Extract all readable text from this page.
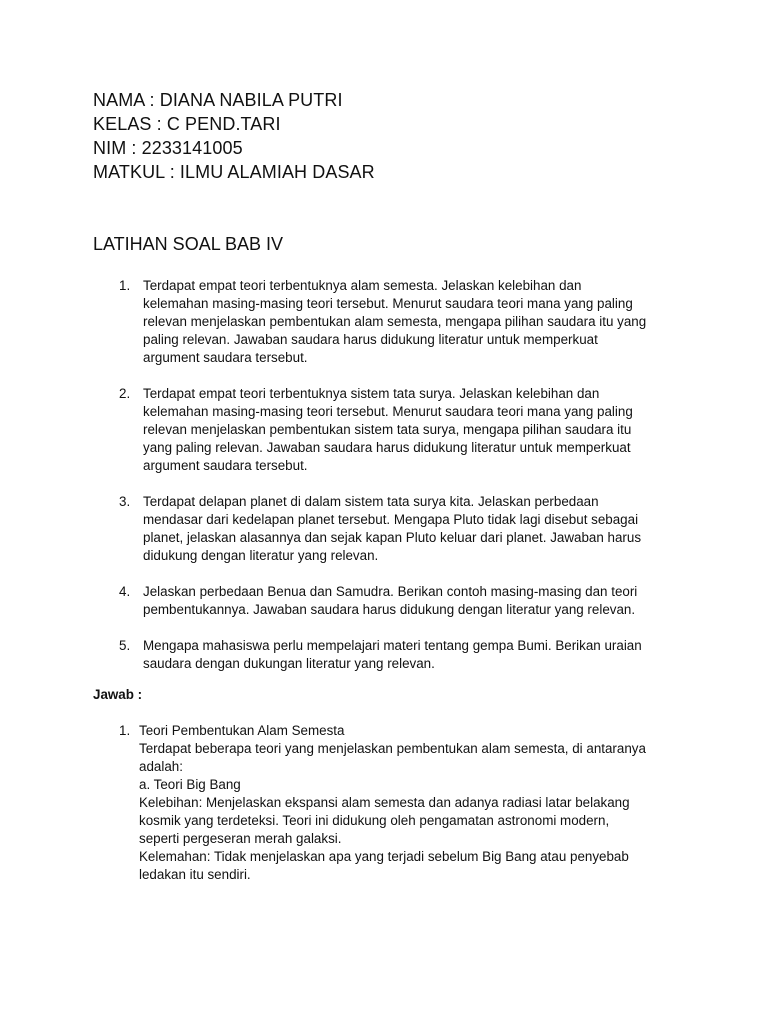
NAMA : DIANA NABILA PUTRI
KELAS : C PEND.TARI
NIM : 2233141005
MATKUL : ILMU ALAMIAH DASAR
LATIHAN SOAL BAB IV
1. Terdapat empat teori terbentuknya alam semesta. Jelaskan kelebihan dan
kelemahan masing-masing teori tersebut. Menurut saudara teori mana yang paling
relevan menjelaskan pembentukan alam semesta, mengapa pilihan saudara itu yang
paling relevan. Jawaban saudara harus didukung literatur untuk memperkuat
argument saudara tersebut.
2. Terdapat empat teori terbentuknya sistem tata surya. Jelaskan kelebihan dan
kelemahan masing-masing teori tersebut. Menurut saudara teori mana yang paling
relevan menjelaskan pembentukan sistem tata surya, mengapa pilihan saudara itu
yang paling relevan. Jawaban saudara harus didukung literatur untuk memperkuat
argument saudara tersebut.
3. Terdapat delapan planet di dalam sistem tata surya kita. Jelaskan perbedaan
mendasar dari kedelapan planet tersebut. Mengapa Pluto tidak lagi disebut sebagai
planet, jelaskan alasannya dan sejak kapan Pluto keluar dari planet. Jawaban harus
didukung dengan literatur yang relevan.
4. Jelaskan perbedaan Benua dan Samudra. Berikan contoh masing-masing dan teori
pembentukannya. Jawaban saudara harus didukung dengan literatur yang relevan.
5. Mengapa mahasiswa perlu mempelajari materi tentang gempa Bumi. Berikan uraian
saudara dengan dukungan literatur yang relevan.
Jawab :
1. Teori Pembentukan Alam Semesta
Terdapat beberapa teori yang menjelaskan pembentukan alam semesta, di antaranya
adalah:
a. Teori Big Bang
Kelebihan: Menjelaskan ekspansi alam semesta dan adanya radiasi latar belakang
kosmik yang terdeteksi. Teori ini didukung oleh pengamatan astronomi modern,
seperti pergeseran merah galaksi.
Kelemahan: Tidak menjelaskan apa yang terjadi sebelum Big Bang atau penyebab
ledakan itu sendiri.
